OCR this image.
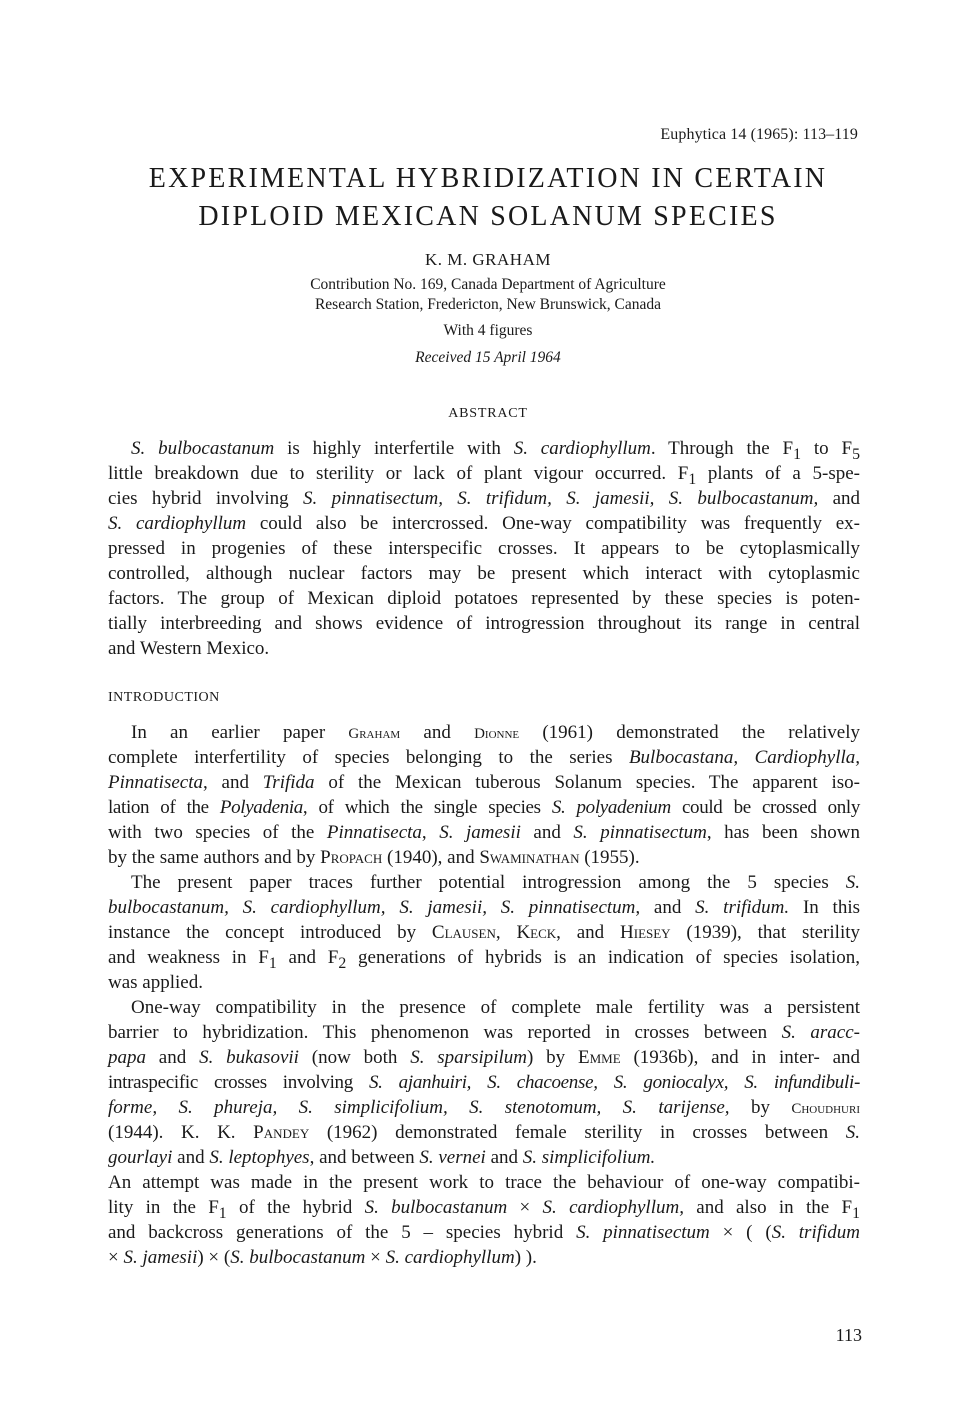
Euphytica 14 (1965): 113–119
EXPERIMENTAL HYBRIDIZATION IN CERTAIN
DIPLOID MEXICAN SOLANUM SPECIES
K. M. GRAHAM
Contribution No. 169, Canada Department of Agriculture
Research Station, Fredericton, New Brunswick, Canada
With 4 figures
Received 15 April 1964
ABSTRACT
S. bulbocastanum is highly interfertile with S. cardiophyllum. Through the $F_1$ to $F_5$
little breakdown due to sterility or lack of plant vigour occurred. $F_1$ plants of a 5-spe-
cies hybrid involving S. pinnatisectum, S. trifidum, S. jamesii, S. bulbocastanum, and
S. cardiophyllum could also be intercrossed. One-way compatibility was frequently ex-
pressed in progenies of these interspecific crosses. It appears to be cytoplasmically
controlled, although nuclear factors may be present which interact with cytoplasmic
factors. The group of Mexican diploid potatoes represented by these species is poten-
tially interbreeding and shows evidence of introgression throughout its range in central
and Western Mexico.
INTRODUCTION
In an earlier paper Graham and Dionne (1961) demonstrated the relatively
complete interfertility of species belonging to the series Bulbocastana, Cardiophylla,
Pinnatisecta, and Trifida of the Mexican tuberous Solanum species. The apparent iso-
lation of the Polyadenia, of which the single species S. polyadenium could be crossed only
with two species of the Pinnatisecta, S. jamesii and S. pinnatisectum, has been shown
by the same authors and by Propach (1940), and Swaminathan (1955).
The present paper traces further potential introgression among the 5 species S.
bulbocastanum, S. cardiophyllum, S. jamesii, S. pinnatisectum, and S. trifidum. In this
instance the concept introduced by Clausen, Keck, and Hiesey (1939), that sterility
and weakness in $F_1$ and $F_2$ generations of hybrids is an indication of species isolation,
was applied.
One-way compatibility in the presence of complete male fertility was a persistent
barrier to hybridization. This phenomenon was reported in crosses between S. aracc-
papa and S. bukasovii (now both S. sparsipilum) by Emme (1936b), and in inter- and
intraspecific crosses involving S. ajanhuiri, S. chacoense, S. goniocalyx, S. infundibuli-
forme, S. phureja, S. simplicifolium, S. stenotomum, S. tarijense, by Choudhuri
(1944). K. K. Pandey (1962) demonstrated female sterility in crosses between S.
gourlayi and S. leptophyes, and between S. vernei and S. simplicifolium.
An attempt was made in the present work to trace the behaviour of one-way compatibi-
lity in the $F_1$ of the hybrid S. bulbocastanum × S. cardiophyllum, and also in the $F_1$
and backcross generations of the 5 – species hybrid S. pinnatisectum × ( (S. trifidum
× S. jamesii) × (S. bulbocastanum × S. cardiophyllum) ).
113
